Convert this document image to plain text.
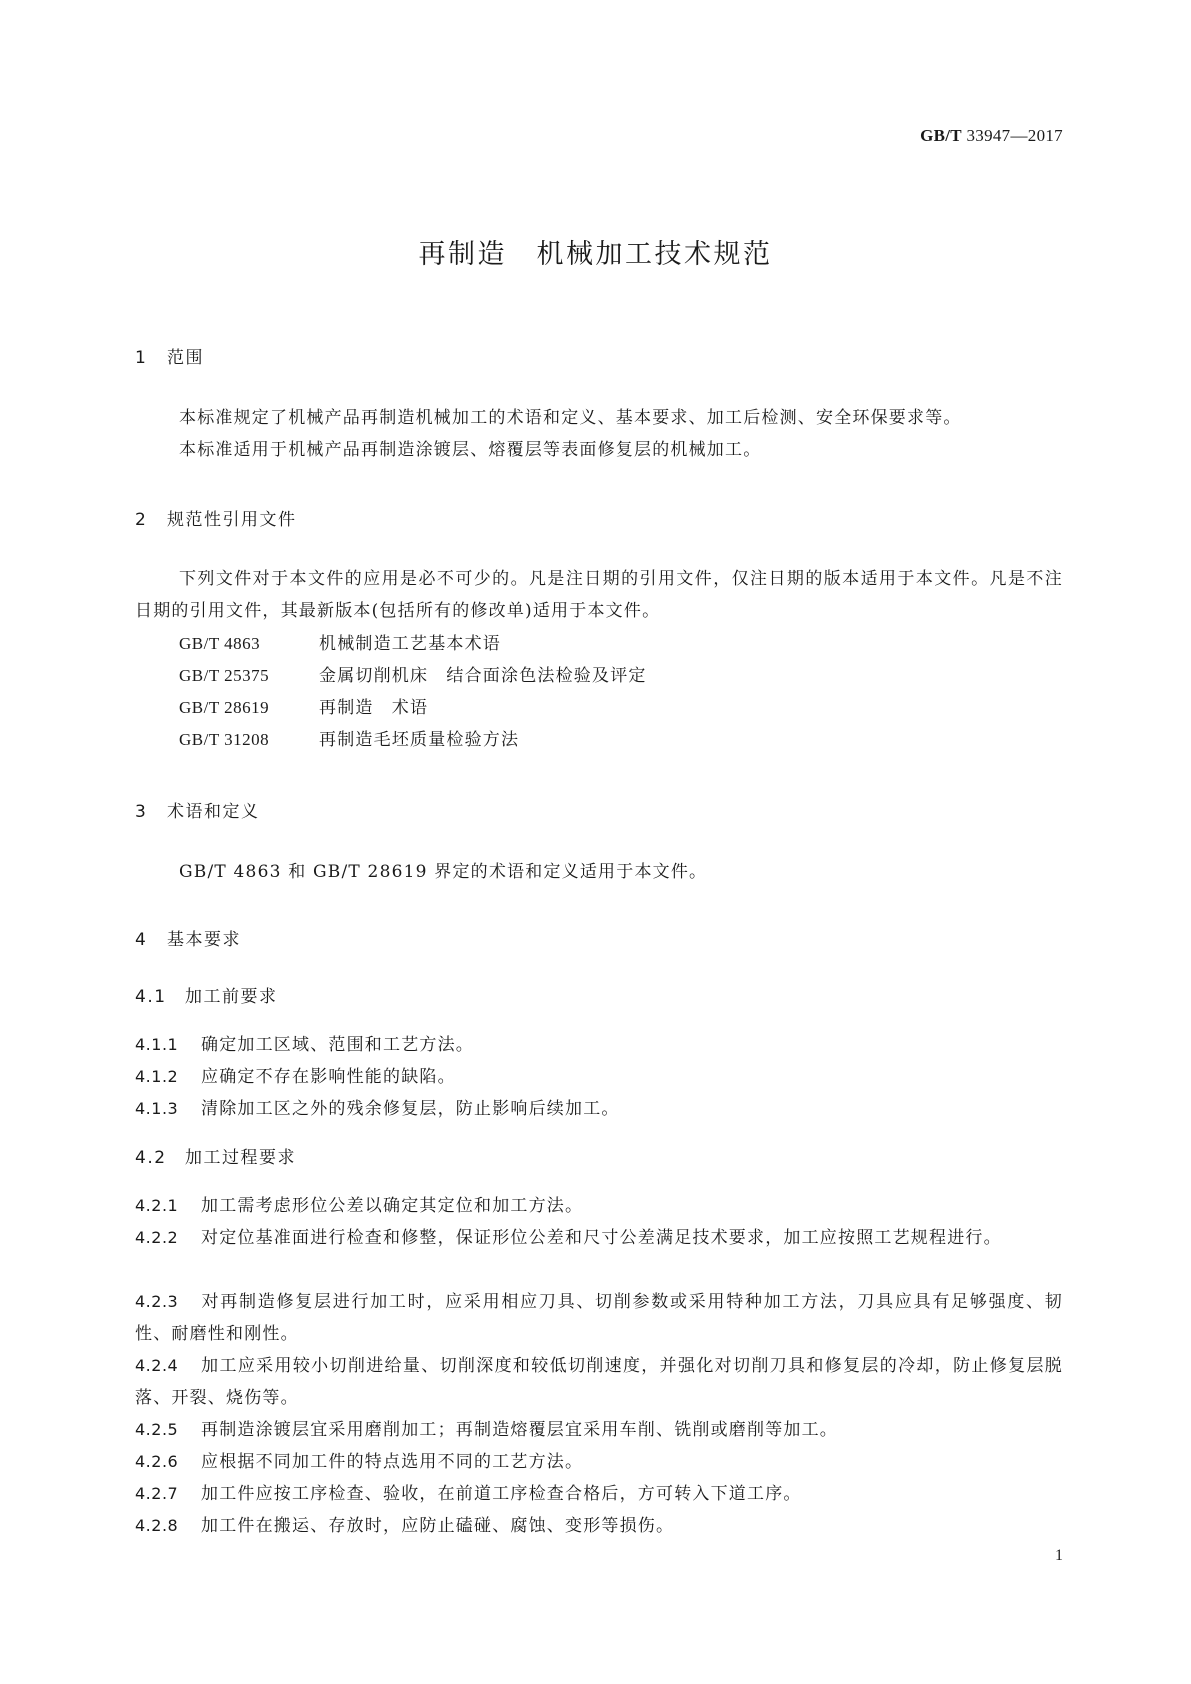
GB/T 33947—2017
再制造　机械加工技术规范
1 范围
本标准规定了机械产品再制造机械加工的术语和定义、基本要求、加工后检测、安全环保要求等。
本标准适用于机械产品再制造涂镀层、熔覆层等表面修复层的机械加工。
2 规范性引用文件
下列文件对于本文件的应用是必不可少的。凡是注日期的引用文件，仅注日期的版本适用于本文件。凡是不注日期的引用文件，其最新版本(包括所有的修改单)适用于本文件。
GB/T 4863	机械制造工艺基本术语
GB/T 25375	金属切削机床　结合面涂色法检验及评定
GB/T 28619	再制造　术语
GB/T 31208	再制造毛坯质量检验方法
3 术语和定义
GB/T 4863 和 GB/T 28619 界定的术语和定义适用于本文件。
4 基本要求
4.1 加工前要求
4.1.1 确定加工区域、范围和工艺方法。
4.1.2 应确定不存在影响性能的缺陷。
4.1.3 清除加工区之外的残余修复层，防止影响后续加工。
4.2 加工过程要求
4.2.1 加工需考虑形位公差以确定其定位和加工方法。
4.2.2 对定位基准面进行检查和修整，保证形位公差和尺寸公差满足技术要求，加工应按照工艺规程进行。
4.2.3 对再制造修复层进行加工时，应采用相应刀具、切削参数或采用特种加工方法，刀具应具有足够强度、韧性、耐磨性和刚性。
4.2.4 加工应采用较小切削进给量、切削深度和较低切削速度，并强化对切削刀具和修复层的冷却，防止修复层脱落、开裂、烧伤等。
4.2.5 再制造涂镀层宜采用磨削加工；再制造熔覆层宜采用车削、铣削或磨削等加工。
4.2.6 应根据不同加工件的特点选用不同的工艺方法。
4.2.7 加工件应按工序检查、验收，在前道工序检查合格后，方可转入下道工序。
4.2.8 加工件在搬运、存放时，应防止磕碰、腐蚀、变形等损伤。
1
